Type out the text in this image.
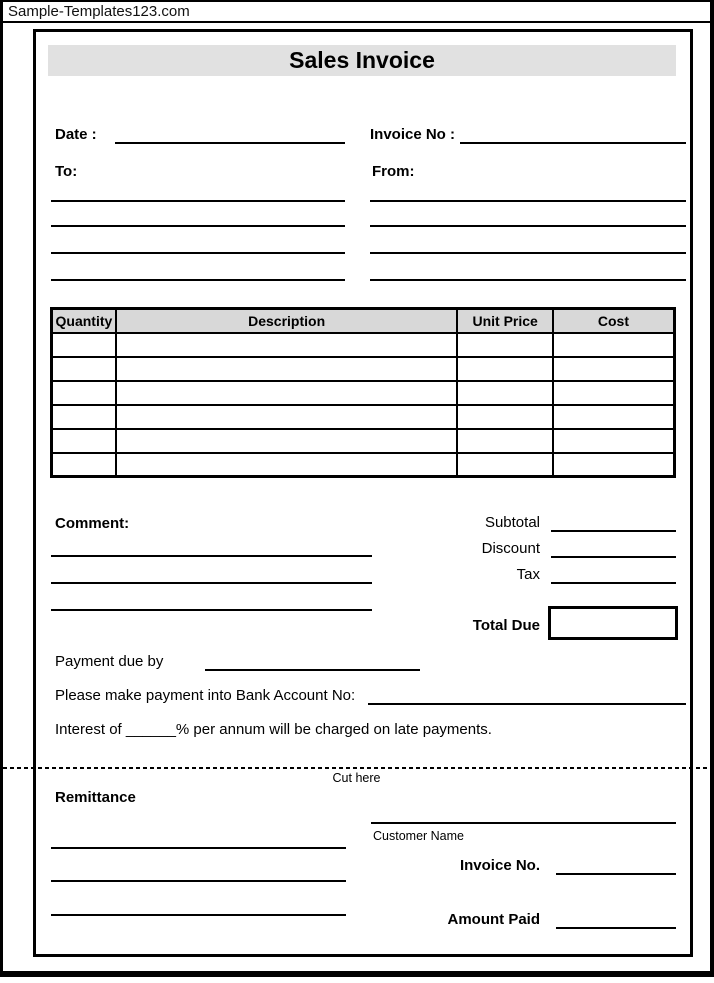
Sample-Templates123.com
Sales Invoice
Date :	Invoice No :
To:	From:
Quantity	Description	Unit Price	Cost

Comment:	Subtotal
Discount
Tax
Total Due
Payment due by
Please make payment into Bank Account No:
Interest of ______% per annum will be charged on late payments.
Remittance
Customer Name
Invoice No.
Amount Paid
Cut here
